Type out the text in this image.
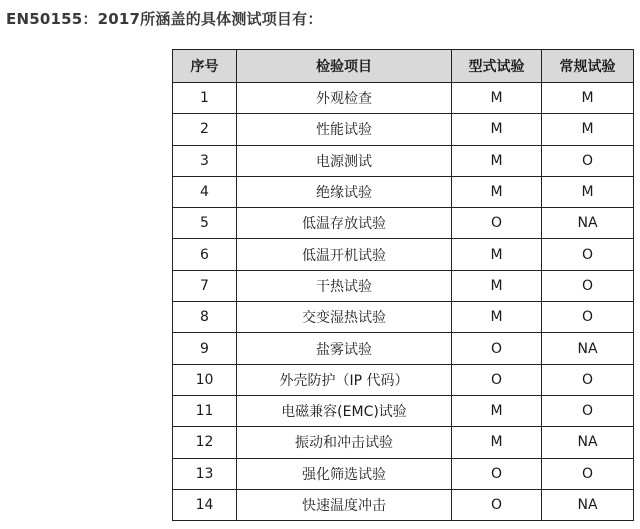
EN50155：2017所涵盖的具体测试项目有：
序号	检验项目	型式试验	常规试验
1	外观检查	M	M
2	性能试验	M	M
3	电源测试	M	O
4	绝缘试验	M	M
5	低温存放试验	O	NA
6	低温开机试验	M	O
7	干热试验	M	O
8	交变湿热试验	M	O
9	盐雾试验	O	NA
10	外壳防护（IP 代码）	O	O
11	电磁兼容(EMC)试验	M	O
12	振动和冲击试验	M	NA
13	强化筛选试验	O	O
14	快速温度冲击	O	NA
